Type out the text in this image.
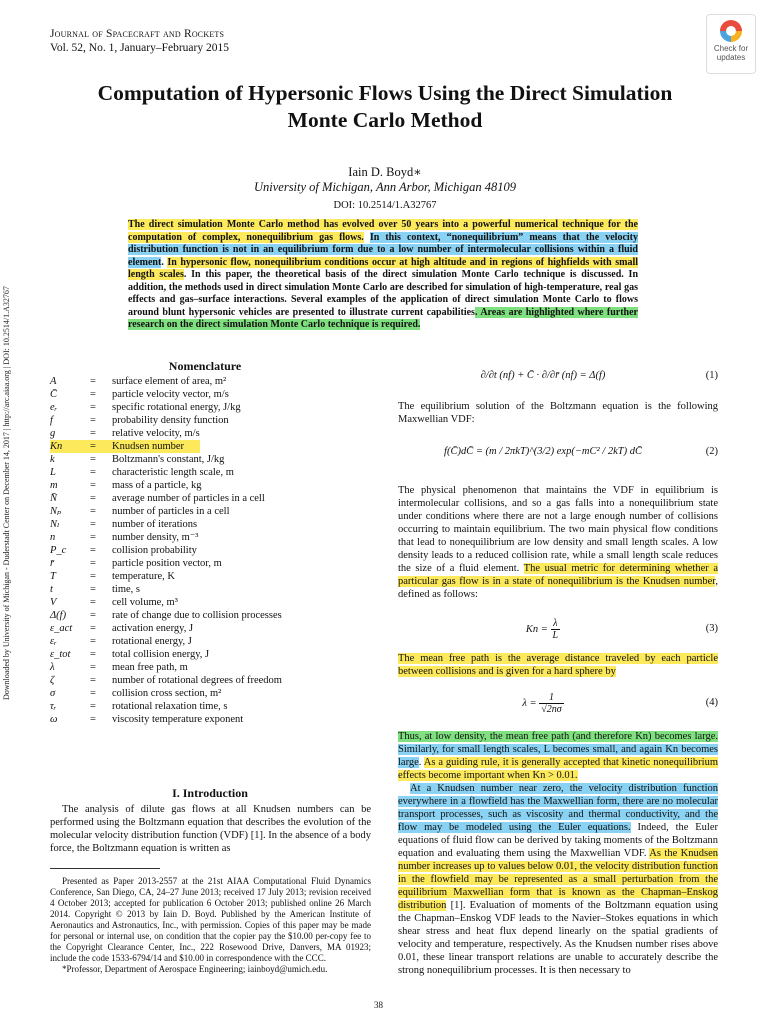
Journal of Spacecraft and Rockets
Vol. 52, No. 1, January–February 2015	Check for
updates
Computation of Hypersonic Flows Using the Direct Simulation
Monte Carlo Method
Iain D. Boyd∗
University of Michigan, Ann Arbor, Michigan 48109
DOI: 10.2514/1.A32767
The direct simulation Monte Carlo method has evolved over 50 years into a powerful numerical technique for the computation of complex, nonequilibrium gas flows. In this context, “nonequilibrium” means that the velocity distribution function is not in an equilibrium form due to a low number of intermolecular collisions within a fluid element. In hypersonic flow, nonequilibrium conditions occur at high altitude and in regions of highfields with small length scales. In this paper, the theoretical basis of the direct simulation Monte Carlo technique is discussed. In addition, the methods used in direct simulation Monte Carlo are described for simulation of high-temperature, real gas effects and gas–surface interactions. Several examples of the application of direct simulation Monte Carlo to flows around blunt hypersonic vehicles are presented to illustrate current capabilities. Areas are highlighted where further research on the direct simulation Monte Carlo technique is required.
Downloaded by University of Michigan - Duderstadt Center on December 14, 2017 | http://arc.aiaa.org | DOI: 10.2514/1.A32767	Nomenclature
A	= surface element of area, m²
C̄	= particle velocity vector, m/s
eᵣ	= specific rotational energy, J/kg
f	= probability density function
g	= relative velocity, m/s
Kn	= Knudsen number
k	= Boltzmann's constant, J/kg
L	= characteristic length scale, m
m	= mass of a particle, kg
N̄	= average number of particles in a cell
Nₚ	= number of particles in a cell
Nₗ	= number of iterations
n	= number density, m⁻³
P_c = collision probability
r̄	= particle position vector, m
T	= temperature, K
t	= time, s
V	= cell volume, m³
Δ(f) = rate of change due to collision processes
ε_act = activation energy, J
εᵣ	= rotational energy, J
ε_tot = total collision energy, J
λ	= mean free path, m
ζ	= number of rotational degrees of freedom
σ	= collision cross section, m²
τᵣ	= rotational relaxation time, s
ω	= viscosity temperature exponent
I. Introduction
The analysis of dilute gas flows at all Knudsen numbers can be performed using the Boltzmann equation that describes the evolution of the molecular velocity distribution function (VDF) [1]. In the absence of a body force, the Boltzmann equation is written as

Presented as Paper 2013-2557 at the 21st AIAA Computational Fluid Dynamics Conference, San Diego, CA, 24–27 June 2013; received 17 July 2013; revision received 4 October 2013; accepted for publication 6 October 2013; published online 26 March 2014. Copyright © 2013 by Iain D. Boyd. Published by the American Institute of Aeronautics and Astronautics, Inc., with permission. Copies of this paper may be made for personal or internal use, on condition that the copier pay the $10.00 per-copy fee to the Copyright Clearance Center, Inc., 222 Rosewood Drive, Danvers, MA 01923; include the code 1533-6794/14 and $10.00 in correspondence with the CCC.

*Professor, Department of Aerospace Engineering; iainboyd@umich.edu.

38
∂/∂t (nf) + C̄ · ∂/∂r̄ (nf) = Δ(f)	(1)

The equilibrium solution of the Boltzmann equation is the following Maxwellian VDF:

f(C̄)dC̄ = (m / 2πkT)^(3/2) exp(−mC² / 2kT) dC̄	(2)

The physical phenomenon that maintains the VDF in equilibrium is intermolecular collisions, and so a gas falls into a nonequilibrium state under conditions where there are not a large enough number of collisions occurring to maintain equilibrium. The two main physical flow conditions that lead to nonequilibrium are low density and small length scales. A low density leads to a reduced collision rate, while a small length scale reduces the size of a fluid element. The usual metric for determining whether a particular gas flow is in a state of nonequilibrium is the Knudsen number, defined as follows:

$Kn = \frac{\lambda}{L}$	(3)

The mean free path is the average distance traveled by each particle between collisions and is given for a hard sphere by

$\lambda = \frac{1}{√2n\sigma}$	(4)

Thus, at low density, the mean free path (and therefore Kn) becomes large. Similarly, for small length scales, L becomes small, and again Kn becomes large. As a guiding rule, it is generally accepted that kinetic nonequilibrium effects become important when Kn > 0.01.

At a Knudsen number near zero, the velocity distribution function everywhere in a flowfield has the Maxwellian form, there are no molecular transport processes, such as viscosity and thermal conductivity, and the flow may be modeled using the Euler equations. Indeed, the Euler equations of fluid flow can be derived by taking moments of the Boltzmann equation and evaluating them using the Maxwellian VDF. As the Knudsen number increases up to values below 0.01, the velocity distribution function in the flowfield may be represented as a small perturbation from the equilibrium Maxwellian form that is known as the Chapman–Enskog distribution [1]. Evaluation of moments of the Boltzmann equation using the Chapman–Enskog VDF leads to the Navier–Stokes equations in which shear stress and heat flux depend linearly on the spatial gradients of velocity and temperature, respectively. As the Knudsen number rises above 0.01, these linear transport relations are unable to accurately describe the strong nonequilibrium processes. It is then necessary to
